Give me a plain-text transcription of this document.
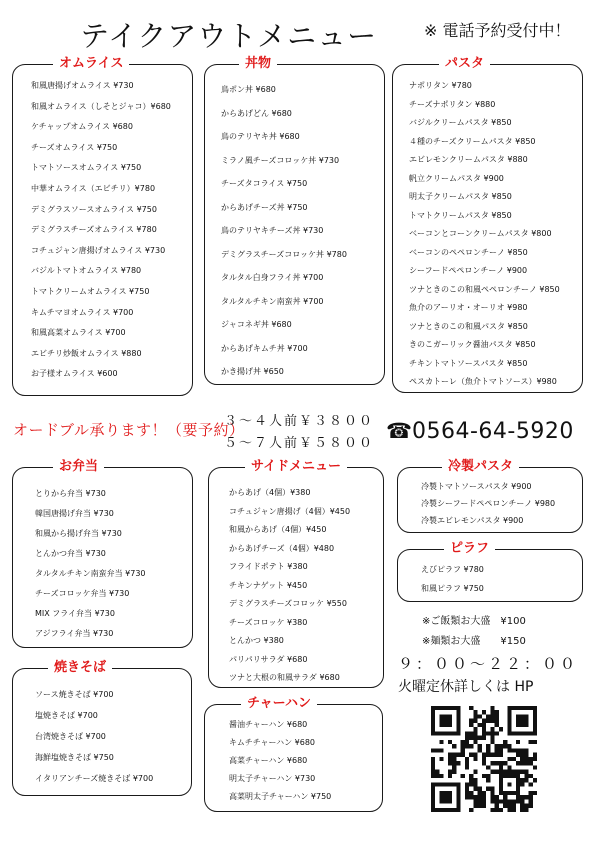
テイクアウトメニュー	※ 電話予約受付中！
オムライス
和風唐揚げオムライス ¥730
和風オムライス（しそとジャコ）¥680
ケチャップオムライス ¥680
チーズオムライス ¥750
トマトソースオムライス ¥750
中華オムライス（エビチリ）¥780
デミグラスソースオムライス ¥750
デミグラスチーズオムライス ¥780
コチュジャン唐揚げオムライス ¥730
バジルトマトオムライス ¥780
トマトクリームオムライス ¥750
キムチマヨオムライス ¥700
和風高菜オムライス ¥700
エビチリ炒飯オムライス ¥880
お子様オムライス ¥600
丼物
鳥ポン丼 ¥680
からあげどん ¥680
鳥のテリヤキ丼 ¥680
ミラノ風チーズコロッケ丼 ¥730
チーズタコライス ¥750
からあげチーズ丼 ¥750
鳥のテリヤキチーズ丼 ¥730
デミグラスチーズコロッケ丼 ¥780
タルタル白身フライ丼 ¥700
タルタルチキン南蛮丼 ¥700
ジャコネギ丼 ¥680
からあげキムチ丼 ¥700
かき揚げ丼 ¥650
パスタ
ナポリタン ¥780
チーズナポリタン ¥880
バジルクリームパスタ ¥850
４種のチーズクリームパスタ ¥850
エビレモンクリームパスタ ¥880
帆立クリームパスタ ¥900
明太子クリームパスタ ¥850
トマトクリームパスタ ¥850
ベーコンとコーンクリームパスタ ¥800
ベーコンのペペロンチーノ ¥850
シーフードペペロンチーノ ¥900
ツナときのこの和風ペペロンチーノ ¥850
魚介のアーリオ・オーリオ ¥980
ツナときのこの和風パスタ ¥850
きのこガーリック醤油パスタ ¥850
チキントマトソースパスタ ¥850
ペスカトーレ（魚介トマトソース）¥980
オードブル承ります！（要予約）
３〜４人前￥３８００
５〜７人前￥５８００
☎ 0564-64-5920
お弁当
とりから弁当 ¥730
韓国唐揚げ弁当 ¥730
和風から揚げ弁当 ¥730
とんかつ弁当 ¥730
タルタルチキン南蛮弁当 ¥730
チーズコロッケ弁当 ¥730
MIX フライ弁当 ¥730
アジフライ弁当 ¥730
サイドメニュー
からあげ（4個）¥380
コチュジャン唐揚げ（4個）¥450
和風からあげ（4個）¥450
からあげチーズ（4個）¥480
フライドポテト ¥380
チキンナゲット ¥450
デミグラスチーズコロッケ ¥550
チーズコロッケ ¥380
とんかつ ¥380
パリパリサラダ ¥680
ツナと大根の和風サラダ ¥680
冷製パスタ
冷製トマトソースパスタ ¥900
冷製シーフードペペロンチーノ ¥980
冷製エビレモンパスタ ¥900
ピラフ
えびピラフ ¥780
和風ピラフ ¥750
※ご飯類お大盛　¥100
※麺類お大盛　　¥150
９：００〜２２：００
火曜定休詳しくは HP
焼きそば
ソース焼きそば ¥700
塩焼きそば ¥700
台湾焼きそば ¥700
海鮮塩焼きそば ¥750
イタリアンチーズ焼きそば ¥700
チャーハン
醤油チャーハン ¥680
キムチチャーハン ¥680
高菜チャーハン ¥680
明太子チャーハン ¥730
高菜明太子チャーハン ¥750
